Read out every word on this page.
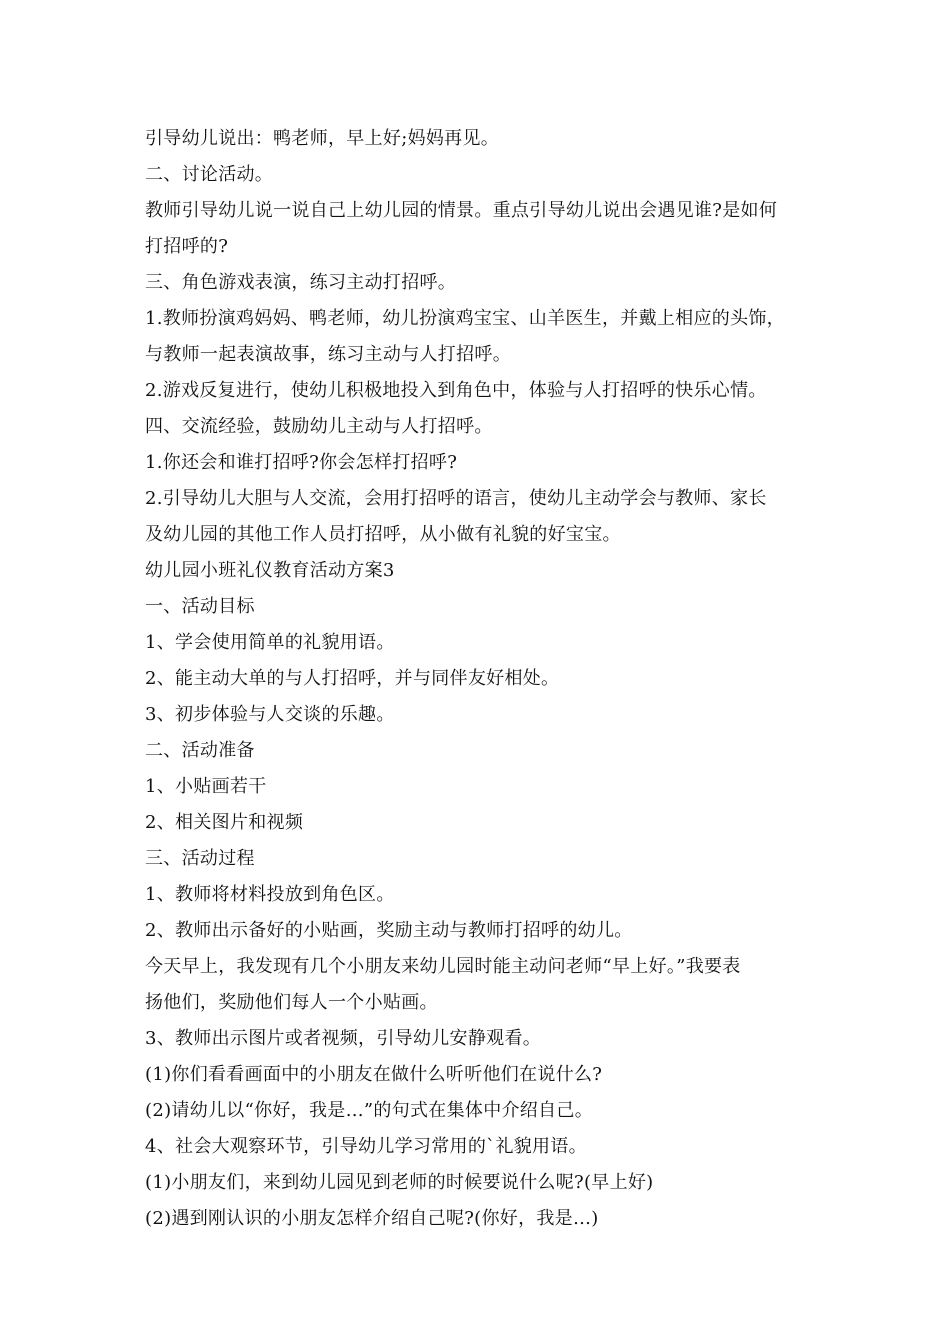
引导幼儿说出：鸭老师，早上好;妈妈再见。
二、讨论活动。
教师引导幼儿说一说自己上幼儿园的情景。重点引导幼儿说出会遇见谁?是如何
打招呼的?
三、角色游戏表演，练习主动打招呼。
1.教师扮演鸡妈妈、鸭老师，幼儿扮演鸡宝宝、山羊医生，并戴上相应的头饰，
与教师一起表演故事，练习主动与人打招呼。
2.游戏反复进行，使幼儿积极地投入到角色中，体验与人打招呼的快乐心情。
四、交流经验，鼓励幼儿主动与人打招呼。
1.你还会和谁打招呼?你会怎样打招呼?
2.引导幼儿大胆与人交流，会用打招呼的语言，使幼儿主动学会与教师、家长
及幼儿园的其他工作人员打招呼，从小做有礼貌的好宝宝。
幼儿园小班礼仪教育活动方案3
一、活动目标
1、学会使用简单的礼貌用语。
2、能主动大单的与人打招呼，并与同伴友好相处。
3、初步体验与人交谈的乐趣。
二、活动准备
1、小贴画若干
2、相关图片和视频
三、活动过程
1、教师将材料投放到角色区。
2、教师出示备好的小贴画，奖励主动与教师打招呼的幼儿。
今天早上，我发现有几个小朋友来幼儿园时能主动问老师“早上好。”我要表
扬他们，奖励他们每人一个小贴画。
3、教师出示图片或者视频，引导幼儿安静观看。
(1)你们看看画面中的小朋友在做什么听听他们在说什么?
(2)请幼儿以“你好，我是…”的句式在集体中介绍自己。
4、社会大观察环节，引导幼儿学习常用的`礼貌用语。
(1)小朋友们，来到幼儿园见到老师的时候要说什么呢?(早上好)
(2)遇到刚认识的小朋友怎样介绍自己呢?(你好，我是…)
